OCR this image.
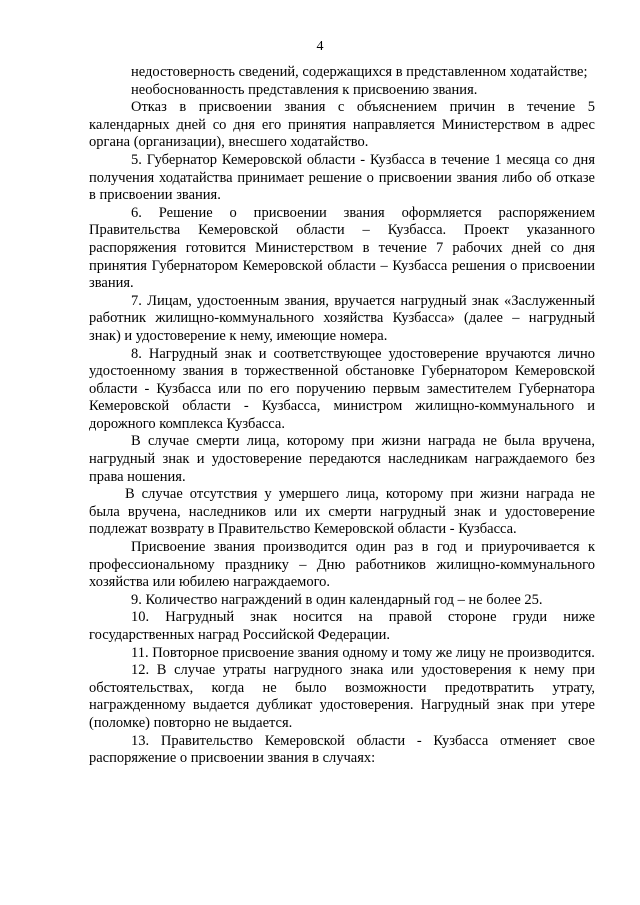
4

недостоверность сведений, содержащихся в представленном ходатайстве;

необоснованность представления к присвоению звания.

Отказ в присвоении звания с объяснением причин в течение 5 календарных дней со дня его принятия направляется Министерством в адрес органа (организации), внесшего ходатайство.

5. Губернатор Кемеровской области - Кузбасса в течение 1 месяца со дня получения ходатайства принимает решение о присвоении звания либо об отказе в присвоении звания.

6. Решение о присвоении звания оформляется распоряжением Правительства Кемеровской области – Кузбасса. Проект указанного распоряжения готовится Министерством в течение 7 рабочих дней со дня принятия Губернатором Кемеровской области – Кузбасса решения о присвоении звания.

7. Лицам, удостоенным звания, вручается нагрудный знак «Заслуженный работник жилищно-коммунального хозяйства Кузбасса» (далее – нагрудный знак) и удостоверение к нему, имеющие номера.

8. Нагрудный знак и соответствующее удостоверение вручаются лично удостоенному звания в торжественной обстановке Губернатором Кемеровской области - Кузбасса или по его поручению первым заместителем Губернатора Кемеровской области - Кузбасса, министром жилищно-коммунального и дорожного комплекса Кузбасса.

В случае смерти лица, которому при жизни награда не была вручена, нагрудный знак и удостоверение передаются наследникам награждаемого без права ношения.

В случае отсутствия у умершего лица, которому при жизни награда не была вручена, наследников или их смерти нагрудный знак и удостоверение подлежат возврату в Правительство Кемеровской области - Кузбасса.

Присвоение звания производится один раз в год и приурочивается к профессиональному празднику – Дню работников жилищно-коммунального хозяйства или юбилею награждаемого.

9. Количество награждений в один календарный год – не более 25.

10. Нагрудный знак носится на правой стороне груди ниже государственных наград Российской Федерации.

11. Повторное присвоение звания одному и тому же лицу не производится.

12. В случае утраты нагрудного знака или удостоверения к нему при обстоятельствах, когда не было возможности предотвратить утрату, награжденному выдается дубликат удостоверения. Нагрудный знак при утере (поломке) повторно не выдается.

13. Правительство Кемеровской области - Кузбасса отменяет свое распоряжение о присвоении звания в случаях:
